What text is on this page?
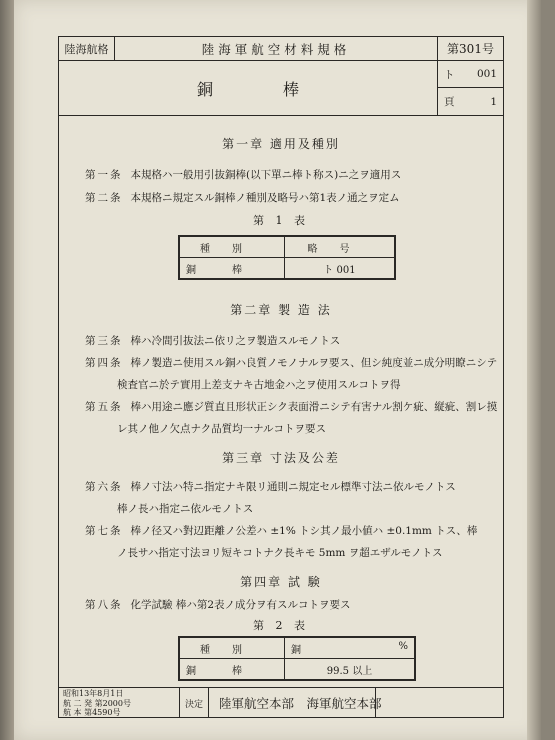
陸海航格	陸海軍航空材料規格	第301号
銅棒
ト 001
頁	1
第一章 適用及種別
第一条 本規格ハ一般用引抜銅棒(以下單ニ棒ト称ス)ニ之ヲ適用ス
第二条 本規格ニ規定スル銅棒ノ種別及略号ハ第1表ノ通之ヲ定ム
第 1 表
種別	略号
銅棒	ト 001
第二章 製 造 法
第三条 棒ハ冷間引抜法ニ依リ之ヲ製造スルモノトス
第四条 棒ノ製造ニ使用スル銅ハ良質ノモノナルヲ要ス、但シ純度並ニ成分明瞭ニシテ
検査官ニ於テ實用上差支ナキ古地金ハ之ヲ使用スルコトヲ得
第五条 棒ハ用途ニ應ジ質直且形状正シク表面滑ニシテ有害ナル割ケ疵、縦疵、割レ摸
レ其ノ他ノ欠点ナク品質均一ナルコトヲ要ス
第三章 寸法及公差
第六条 棒ノ寸法ハ特ニ指定ナキ限リ通則ニ規定セル標準寸法ニ依ルモノトス
棒ノ長ハ指定ニ依ルモノトス
第七条 棒ノ径又ハ對辺距離ノ公差ハ ±1% トシ其ノ最小値ハ ±0.1mm トス、棒
ノ長サハ指定寸法ヨリ短キコトナク長キモ 5mm ヲ超エザルモノトス
第四章 試 験
第八条 化学試驗 棒ハ第2表ノ成分ヲ有スルコトヲ要ス
第 2 表
種別	銅 %

銅棒	99.5 以上
昭和13年8月1日
航 二 発 第2000号
航 本 第4590号
決定	陸軍航空本部　海軍航空本部
